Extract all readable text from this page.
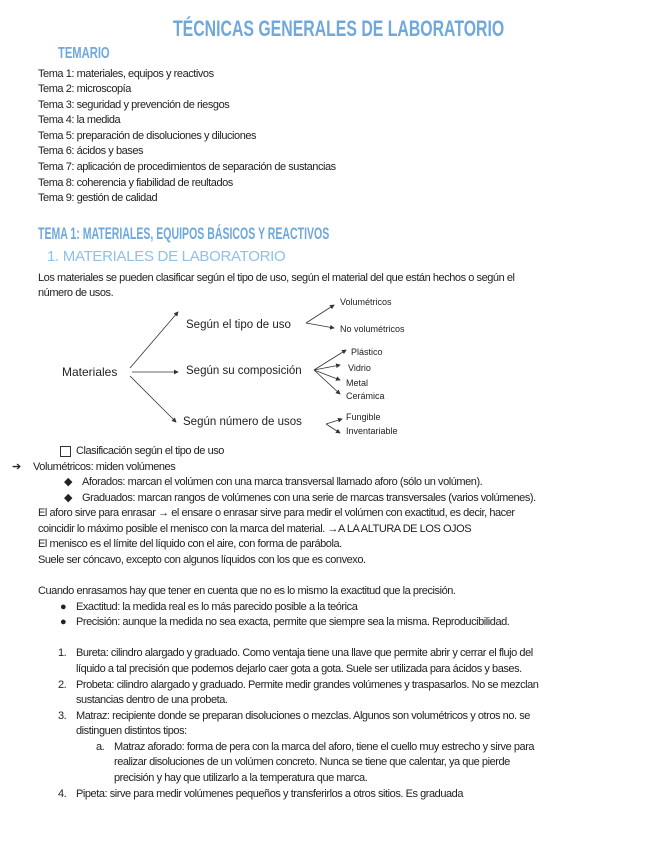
TÉCNICAS GENERALES DE LABORATORIO
TEMARIO
Tema 1: materiales, equipos y reactivos
Tema 2: microscopía
Tema 3: seguridad y prevención de riesgos
Tema 4: la medida
Tema 5: preparación de disoluciones y diluciones
Tema 6: ácidos y bases
Tema 7: aplicación de procedimientos de separación de sustancias
Tema 8: coherencia y fiabilidad de reultados
Tema 9: gestión de calidad
TEMA 1: MATERIALES, EQUIPOS BÁSICOS Y REACTIVOS
1. MATERIALES DE LABORATORIO
Los materiales se pueden clasificar según el tipo de uso, según el material del que están hechos o según el
número de usos.
Materiales
Según el tipo de uso
Según su composición
Según número de usos
Volumétricos
No volumétricos
Plástico
Vidrio
Metal
Cerámica
Fungible
Inventariable
Clasificación según el tipo de uso
➔ Volumétricos: miden volúmenes
◆ Aforados: marcan el volúmen con una marca transversal llamado aforo (sólo un volúmen).
◆ Graduados: marcan rangos de volúmenes con una serie de marcas transversales (varios volúmenes).
El aforo sirve para enrasar → el ensare o enrasar sirve para medir el volúmen con exactitud, es decir, hacer
coincidir lo máximo posible el menisco con la marca del material. →A LA ALTURA DE LOS OJOS
El menisco es el límite del líquido con el aire, con forma de parábola.
Suele ser cóncavo, excepto con algunos líquidos con los que es convexo.
Cuando enrasamos hay que tener en cuenta que no es lo mismo la exactitud que la precisión.
● Exactitud: la medida real es lo más parecido posible a la teórica
● Precisión: aunque la medida no sea exacta, permite que siempre sea la misma. Reproducibilidad.
1. Bureta: cilindro alargado y graduado. Como ventaja tiene una llave que permite abrir y cerrar el flujo del
líquido a tal precisión que podemos dejarlo caer gota a gota. Suele ser utilizada para ácidos y bases.
2. Probeta: cilindro alargado y graduado. Permite medir grandes volúmenes y traspasarlos. No se mezclan
sustancias dentro de una probeta.
3. Matraz: recipiente donde se preparan disoluciones o mezclas. Algunos son volumétricos y otros no. se
distinguen distintos tipos:
a. Matraz aforado: forma de pera con la marca del aforo, tiene el cuello muy estrecho y sirve para
realizar disoluciones de un volúmen concreto. Nunca se tiene que calentar, ya que pierde
precisión y hay que utilizarlo a la temperatura que marca.
4. Pipeta: sirve para medir volúmenes pequeños y transferirlos a otros sitios. Es graduada
